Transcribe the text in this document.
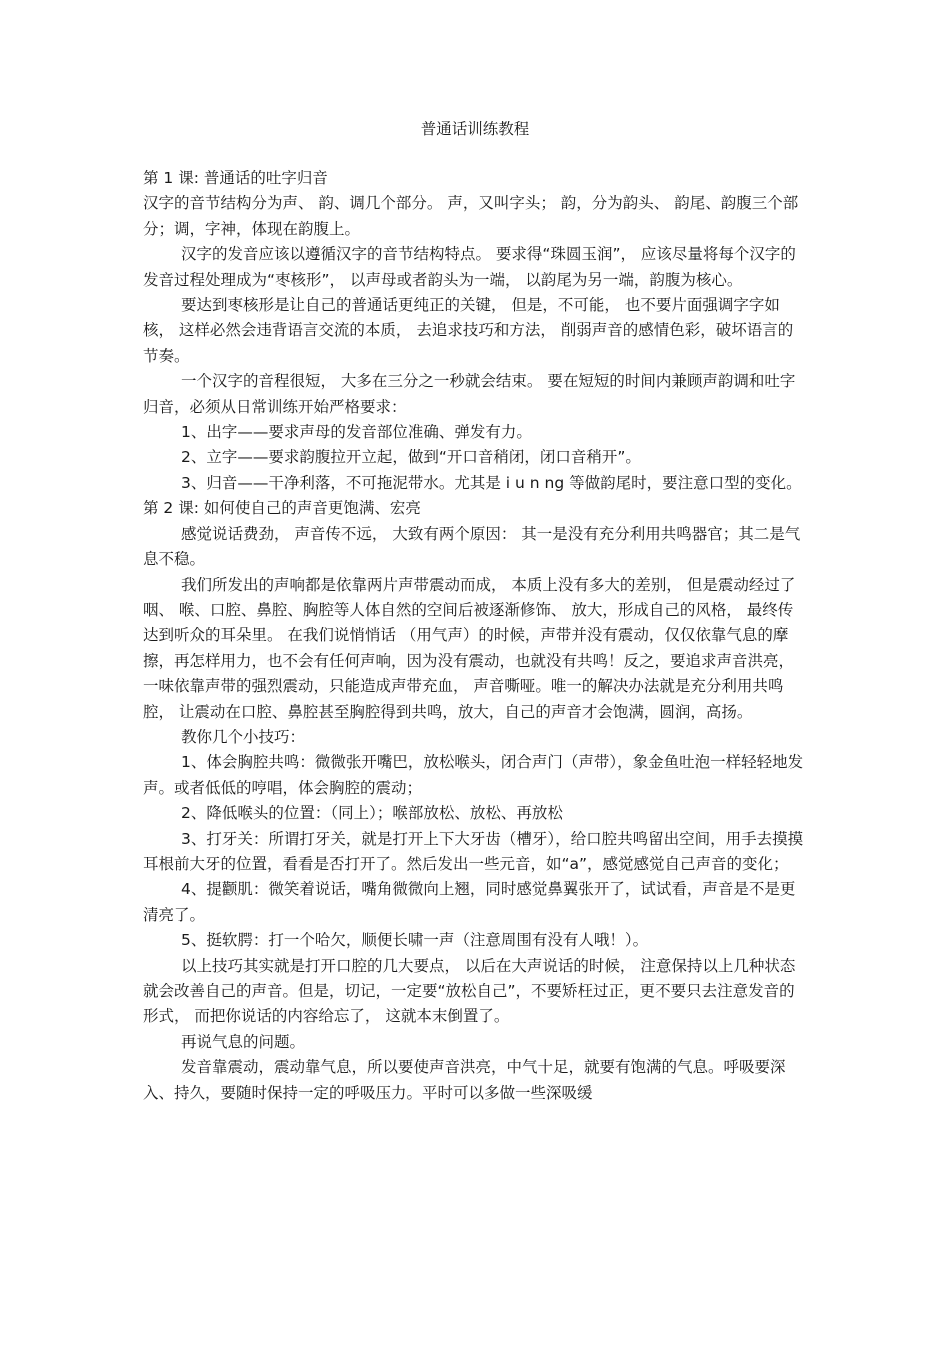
普通话训练教程

第 1 课: 普通话的吐字归音

汉字的音节结构分为声、 韵、调几个部分。 声，又叫字头； 韵，分为韵头、 韵尾、韵腹三个部分；调，字神，体现在韵腹上。

汉字的发音应该以遵循汉字的音节结构特点。 要求得“珠圆玉润”， 应该尽量将每个汉字的发音过程处理成为“枣核形”， 以声母或者韵头为一端， 以韵尾为另一端，韵腹为核心。

要达到枣核形是让自己的普通话更纯正的关键， 但是，不可能， 也不要片面强调字字如核， 这样必然会违背语言交流的本质， 去追求技巧和方法， 削弱声音的感情色彩，破坏语言的节奏。

一个汉字的音程很短， 大多在三分之一秒就会结束。 要在短短的时间内兼顾声韵调和吐字归音，必须从日常训练开始严格要求：

1、出字——要求声母的发音部位准确、弹发有力。

2、立字——要求韵腹拉开立起，做到“开口音稍闭，闭口音稍开”。

3、归音——干净利落，不可拖泥带水。尤其是 i u n ng 等做韵尾时，要注意口型的变化。

第 2 课: 如何使自己的声音更饱满、宏亮

感觉说话费劲， 声音传不远， 大致有两个原因： 其一是没有充分利用共鸣器官；其二是气息不稳。

我们所发出的声响都是依靠两片声带震动而成， 本质上没有多大的差别， 但是震动经过了咽、 喉、口腔、鼻腔、胸腔等人体自然的空间后被逐渐修饰、 放大，形成自己的风格， 最终传达到听众的耳朵里。 在我们说悄悄话 （用气声）的时候，声带并没有震动，仅仅依靠气息的摩擦，再怎样用力，也不会有任何声响，因为没有震动，也就没有共鸣！反之，要追求声音洪亮，一味依靠声带的强烈震动，只能造成声带充血， 声音嘶哑。唯一的解决办法就是充分利用共鸣腔， 让震动在口腔、鼻腔甚至胸腔得到共鸣，放大，自己的声音才会饱满，圆润，高扬。

教你几个小技巧：

1、体会胸腔共鸣：微微张开嘴巴，放松喉头，闭合声门（声带），象金鱼吐泡一样轻轻地发声。或者低低的哼唱，体会胸腔的震动；

2、降低喉头的位置：（同上）；喉部放松、放松、再放松

3、打牙关：所谓打牙关，就是打开上下大牙齿（槽牙），给口腔共鸣留出空间，用手去摸摸耳根前大牙的位置，看看是否打开了。然后发出一些元音，如“a”，感觉感觉自己声音的变化；

4、提颧肌：微笑着说话，嘴角微微向上翘，同时感觉鼻翼张开了，试试看，声音是不是更清亮了。

5、挺软腭：打一个哈欠，顺便长啸一声（注意周围有没有人哦！）。

以上技巧其实就是打开口腔的几大要点， 以后在大声说话的时候， 注意保持以上几种状态就会改善自己的声音。但是，切记，一定要“放松自己”，不要矫枉过正，更不要只去注意发音的形式， 而把你说话的内容给忘了， 这就本末倒置了。

再说气息的问题。

发音靠震动，震动靠气息，所以要使声音洪亮，中气十足，就要有饱满的气息。呼吸要深入、持久，要随时保持一定的呼吸压力。平时可以多做一些深吸缓
